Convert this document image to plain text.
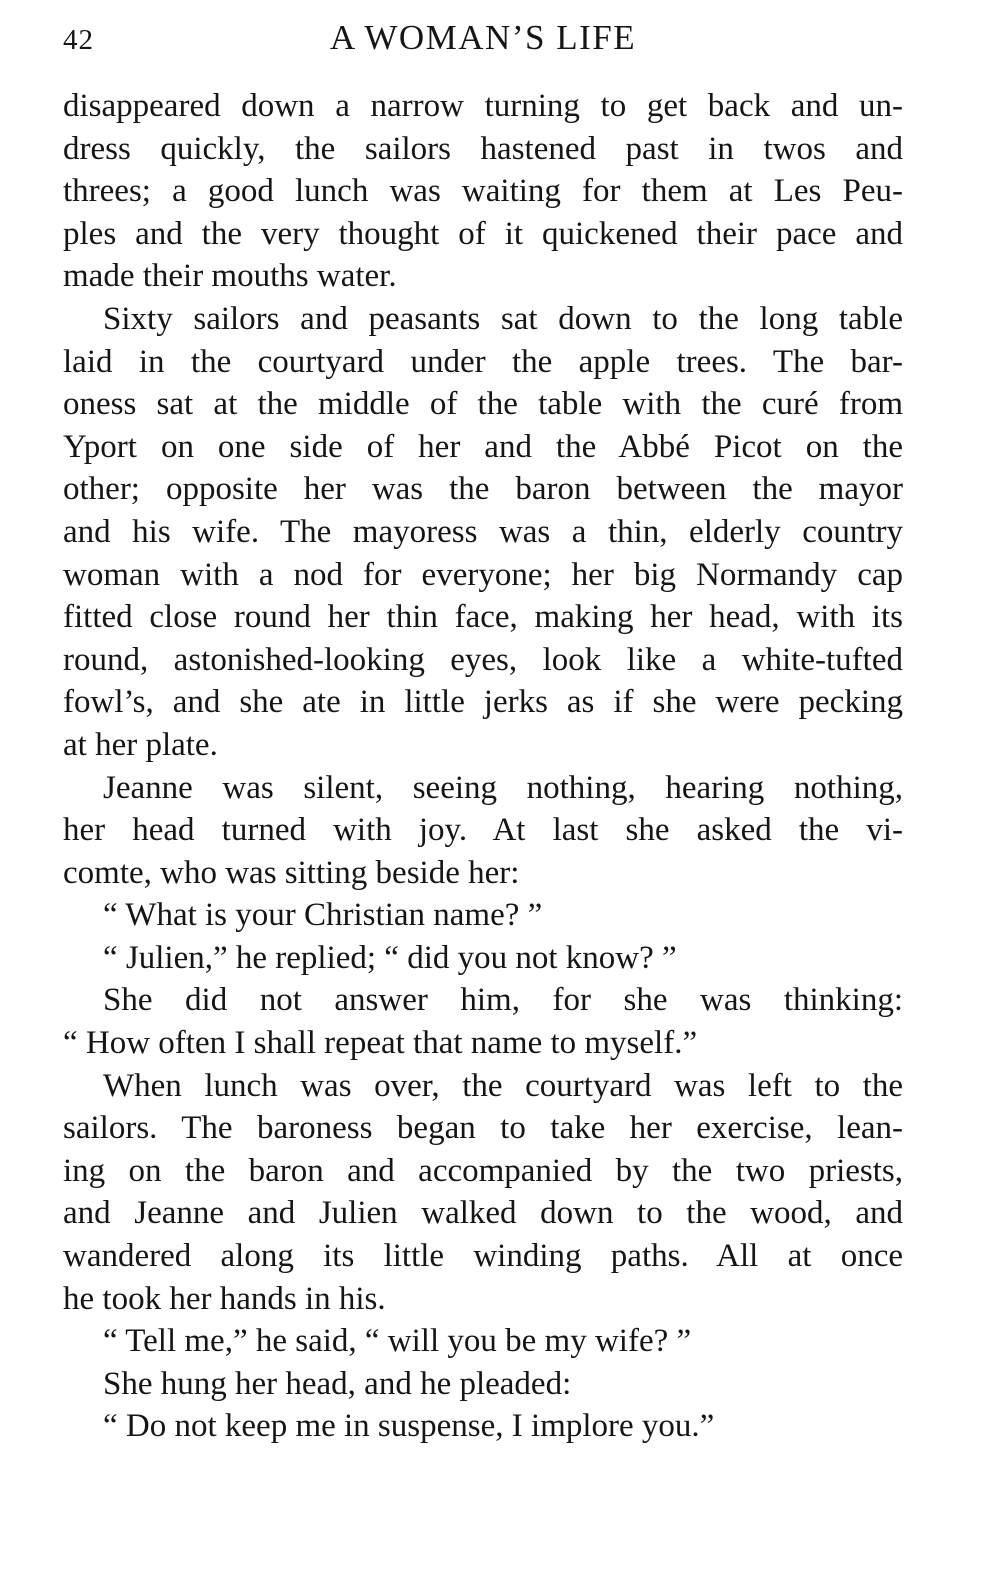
42	A WOMAN’S LIFE
disappeared down a narrow turning to get back and un-
dress quickly, the sailors hastened past in twos and
threes; a good lunch was waiting for them at Les Peu-
ples and the very thought of it quickened their pace and
made their mouths water.
Sixty sailors and peasants sat down to the long table
laid in the courtyard under the apple trees. The bar-
oness sat at the middle of the table with the curé from
Yport on one side of her and the Abbé Picot on the
other; opposite her was the baron between the mayor
and his wife. The mayoress was a thin, elderly country
woman with a nod for everyone; her big Normandy cap
fitted close round her thin face, making her head, with its
round, astonished-looking eyes, look like a white-tufted
fowl’s, and she ate in little jerks as if she were pecking
at her plate.
Jeanne was silent, seeing nothing, hearing nothing,
her head turned with joy. At last she asked the vi-
comte, who was sitting beside her:
“ What is your Christian name? ”
“ Julien,” he replied; “ did you not know? ”
She did not answer him, for she was thinking:
“ How often I shall repeat that name to myself.”
When lunch was over, the courtyard was left to the
sailors. The baroness began to take her exercise, lean-
ing on the baron and accompanied by the two priests,
and Jeanne and Julien walked down to the wood, and
wandered along its little winding paths. All at once
he took her hands in his.
“ Tell me,” he said, “ will you be my wife? ”
She hung her head, and he pleaded:
“ Do not keep me in suspense, I implore you.”
